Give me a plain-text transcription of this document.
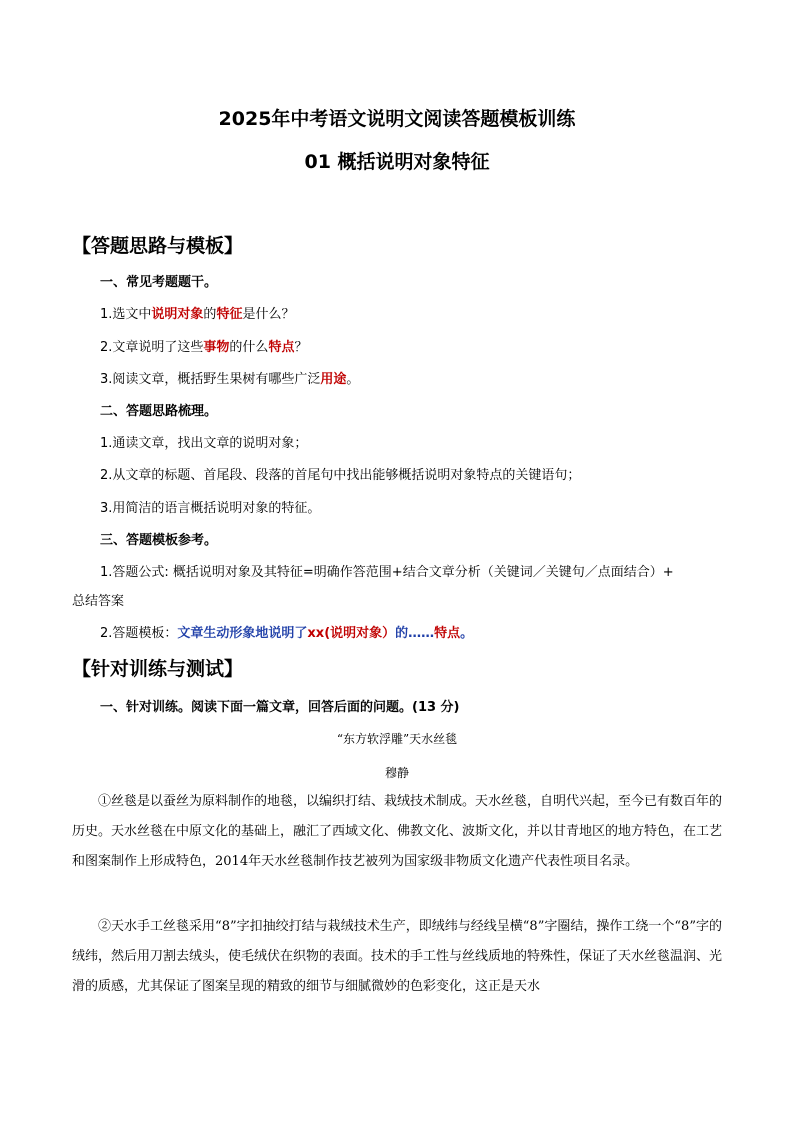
2025年中考语文说明文阅读答题模板训练
01 概括说明对象特征
【答题思路与模板】
一、常见考题题干。
1.选文中说明对象的特征是什么？
2.文章说明了这些事物的什么特点？
3.阅读文章，概括野生果树有哪些广泛用途。
二、答题思路梳理。
1.通读文章，找出文章的说明对象；
2.从文章的标题、首尾段、段落的首尾句中找出能够概括说明对象特点的关键语句；
3.用简洁的语言概括说明对象的特征。
三、答题模板参考。
1.答题公式: 概括说明对象及其特征=明确作答范围+结合文章分析（关键词／关键句／点面结合）+
总结答案
2.答题模板：文章生动形象地说明了xx(说明对象）的……特点。
【针对训练与测试】
一、针对训练。阅读下面一篇文章，回答后面的问题。(13 分)
“东方软浮雕”天水丝毯
穆静
①丝毯是以蚕丝为原料制作的地毯，以编织打结、栽绒技术制成。天水丝毯，自明代兴起，至今已有数百年的历史。天水丝毯在中原文化的基础上，融汇了西域文化、佛教文化、波斯文化，并以甘青地区的地方特色，在工艺和图案制作上形成特色，2014年天水丝毯制作技艺被列为国家级非物质文化遗产代表性项目名录。
②天水手工丝毯采用“8”字扣抽绞打结与栽绒技术生产，即绒纬与经线呈横“8”字圈结，操作工绕一个“8”字的绒纬，然后用刀割去绒头，使毛绒伏在织物的表面。技术的手工性与丝线质地的特殊性，保证了天水丝毯温润、光滑的质感，尤其保证了图案呈现的精致的细节与细腻微妙的色彩变化，这正是天水
